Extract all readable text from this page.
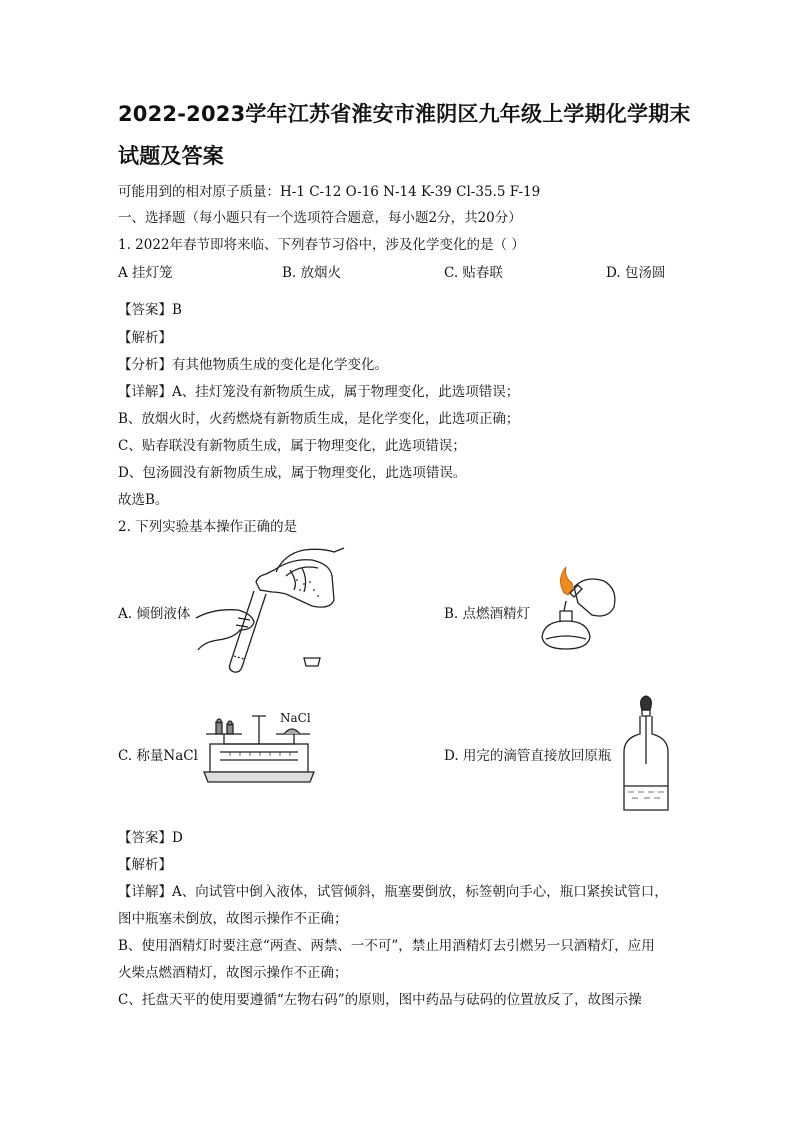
2022-2023学年江苏省淮安市淮阴区九年级上学期化学期末
试题及答案
可能用到的相对原子质量：H-1 C-12 O-16 N-14 K-39 Cl-35.5 F-19
一、选择题（每小题只有一个选项符合题意，每小题2分，共20分）
1. 2022年春节即将来临、下列春节习俗中，涉及化学变化的是（ ）
A 挂灯笼	B. 放烟火	C. 贴春联	D. 包汤圆
【答案】B
【解析】
【分析】有其他物质生成的变化是化学变化。
【详解】A、挂灯笼没有新物质生成，属于物理变化，此选项错误；
B、放烟火时，火药燃烧有新物质生成，是化学变化，此选项正确；
C、贴春联没有新物质生成，属于物理变化，此选项错误；
D、包汤圆没有新物质生成，属于物理变化，此选项错误。
故选B。
2. 下列实验基本操作正确的是
A. 倾倒液体	B. 点燃酒精灯
C. 称量NaCl	D. 用完的滴管直接放回原瓶
NaCl
【答案】D
【解析】
【详解】A、向试管中倒入液体，试管倾斜，瓶塞要倒放，标签朝向手心，瓶口紧挨试管口，
图中瓶塞未倒放，故图示操作不正确；
B、使用酒精灯时要注意“两查、两禁、一不可”，禁止用酒精灯去引燃另一只酒精灯，应用
火柴点燃酒精灯，故图示操作不正确；
C、托盘天平的使用要遵循“左物右码”的原则，图中药品与砝码的位置放反了，故图示操
